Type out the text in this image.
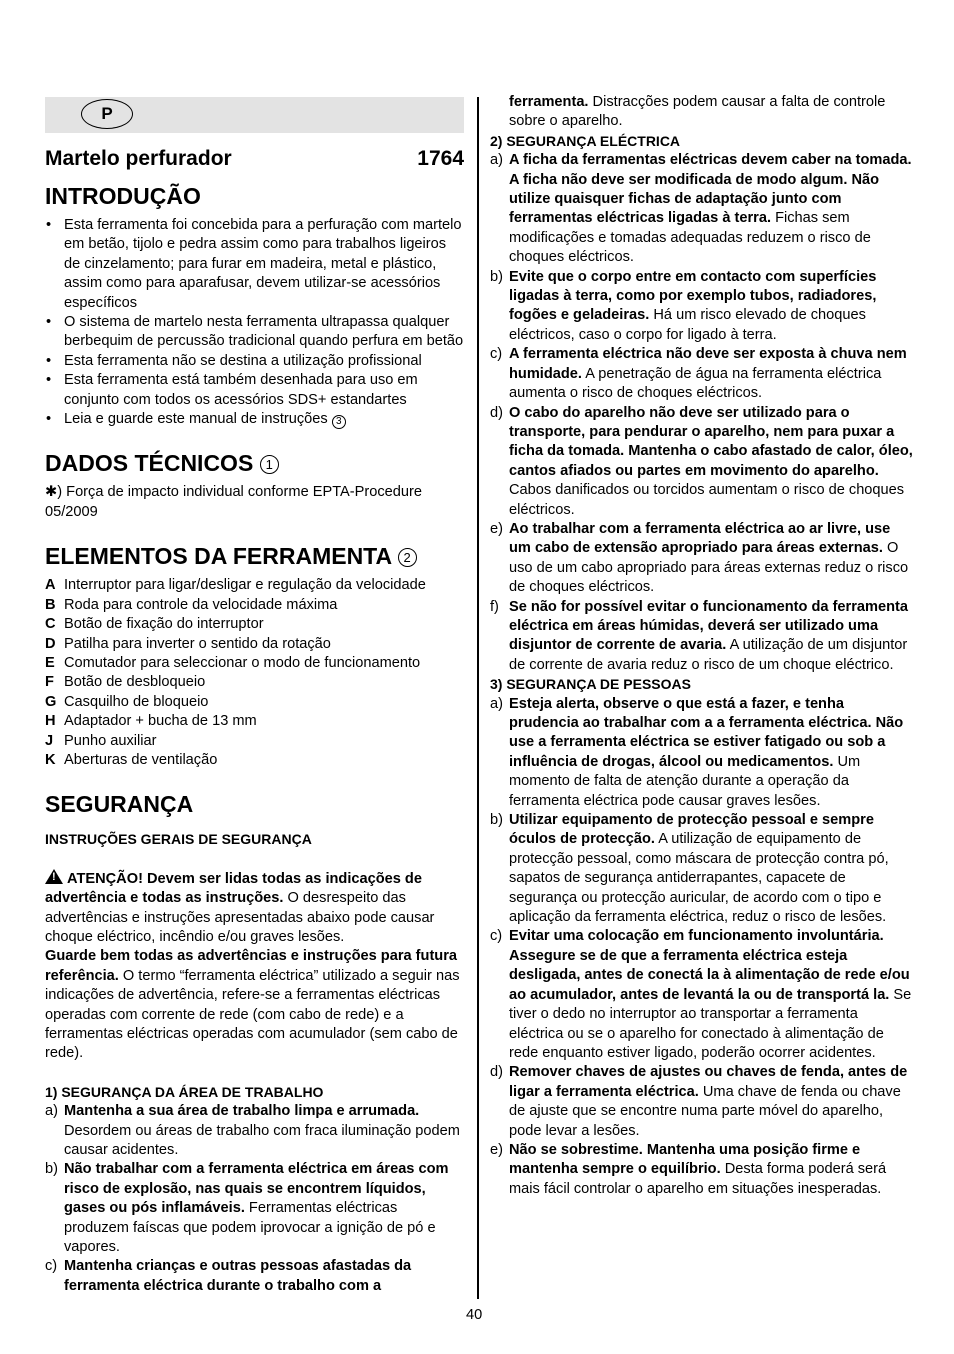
P
Martelo perfurador	1764
INTRODUÇÃO
• Esta ferramenta foi concebida para a perfuração com martelo em betão, tijolo e pedra assim como para trabalhos ligeiros de cinzelamento; para furar em madeira, metal e plástico, assim como para aparafusar, devem utilizar-se acessórios específicos
• O sistema de martelo nesta ferramenta ultrapassa qualquer berbequim de percussão tradicional quando perfura em betão
• Esta ferramenta não se destina a utilização profissional
• Esta ferramenta está também desenhada para uso em conjunto com todos os acessórios SDS+ estandartes
• Leia e guarde este manual de instruções 3
DADOS TÉCNICOS 1

✱) Força de impacto individual conforme EPTA-Procedure 05/2009

ELEMENTOS DA FERRAMENTA 2
A Interruptor para ligar/desligar e regulação da velocidade
B Roda para controle da velocidade máxima
C Botão de fixação do interruptor
D Patilha para inverter o sentido da rotação
E Comutador para seleccionar o modo de funcionamento
F Botão de desbloqueio
G Casquilho de bloqueio
H Adaptador + bucha de 13 mm
J Punho auxiliar
K Aberturas de ventilação
SEGURANÇA

INSTRUÇÕES GERAIS DE SEGURANÇA

!ATENÇÃO! Devem ser lidas todas as indicações de advertência e todas as instruções. O desrespeito das advertências e instruções apresentadas abaixo pode causar choque eléctrico, incêndio e/ou graves lesões.

Guarde bem todas as advertências e instruções para futura referência. O termo “ferramenta eléctrica” utilizado a seguir nas indicações de advertência, refere-se a ferramentas eléctricas operadas com corrente de rede (com cabo de rede) e a ferramentas eléctricas operadas com acumulador (sem cabo de rede).

1) SEGURANÇA DA ÁREA DE TRABALHO

a) Mantenha a sua área de trabalho limpa e arrumada. Desordem ou áreas de trabalho com fraca iluminação podem causar acidentes.
b) Não trabalhar com a ferramenta eléctrica em áreas com risco de explosão, nas quais se encontrem líquidos, gases ou pós inflamáveis. Ferramentas eléctricas produzem faíscas que podem iprovocar a ignição de pó e vapores.
c) Mantenha crianças e outras pessoas afastadas da ferramenta eléctrica durante o trabalho com a
ferramenta. Distracções podem causar a falta de controle sobre o aparelho.

2) SEGURANÇA ELÉCTRICA

a) A ficha da ferramentas eléctricas devem caber na tomada. A ficha não deve ser modificada de modo algum. Não utilize quaisquer fichas de adaptação junto com ferramentas eléctricas ligadas à terra. Fichas sem modificações e tomadas adequadas reduzem o risco de choques eléctricos.
b) Evite que o corpo entre em contacto com superfícies ligadas à terra, como por exemplo tubos, radiadores, fogões e geladeiras. Há um risco elevado de choques eléctricos, caso o corpo for ligado à terra.
c) A ferramenta eléctrica não deve ser exposta à chuva nem humidade. A penetração de água na ferramenta eléctrica aumenta o risco de choques eléctricos.
d) O cabo do aparelho não deve ser utilizado para o transporte, para pendurar o aparelho, nem para puxar a ficha da tomada. Mantenha o cabo afastado de calor, óleo, cantos afiados ou partes em movimento do aparelho. Cabos danificados ou torcidos aumentam o risco de choques eléctricos.
e) Ao trabalhar com a ferramenta eléctrica ao ar livre, use um cabo de extensão apropriado para áreas externas. O uso de um cabo apropriado para áreas externas reduz o risco de choques eléctricos.
f) Se não for possível evitar o funcionamento da ferramenta eléctrica em áreas húmidas, deverá ser utilizado uma disjuntor de corrente de avaria. A utilização de um disjuntor de corrente de avaria reduz o risco de um choque eléctrico.

3) SEGURANÇA DE PESSOAS

a) Esteja alerta, observe o que está a fazer, e tenha prudencia ao trabalhar com a a ferramenta eléctrica. Não use a ferramenta eléctrica se estiver fatigado ou sob a influência de drogas, álcool ou medicamentos. Um momento de falta de atenção durante a operação da ferramenta eléctrica pode causar graves lesões.
b) Utilizar equipamento de protecção pessoal e sempre óculos de protecção. A utilização de equipamento de protecção pessoal, como máscara de protecção contra pó, sapatos de segurança antiderrapantes, capacete de segurança ou protecção auricular, de acordo com o tipo e aplicação da ferramenta eléctrica, reduz o risco de lesões.
c) Evitar uma colocação em funcionamento involuntária. Assegure se de que a ferramenta eléctrica esteja desligada, antes de conectá la à alimentação de rede e/ou ao acumulador, antes de levantá la ou de transportá la. Se tiver o dedo no interruptor ao transportar a ferramenta eléctrica ou se o aparelho for conectado à alimentação de rede enquanto estiver ligado, poderão ocorrer acidentes.
d) Remover chaves de ajustes ou chaves de fenda, antes de ligar a ferramenta eléctrica. Uma chave de fenda ou chave de ajuste que se encontre numa parte móvel do aparelho, pode levar a lesões.
e) Não se sobrestime. Mantenha uma posição firme e mantenha sempre o equilíbrio. Desta forma poderá será mais fácil controlar o aparelho em situações inesperadas.
40
